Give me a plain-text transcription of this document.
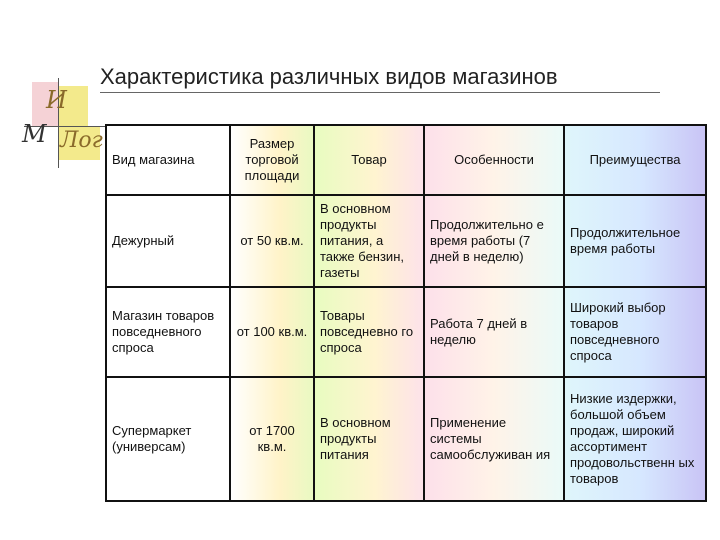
И
М Лог
Характеристика различных видов магазинов
Вид магазина	Размер торговой площади	Товар	Особенности	Преимущества
Дежурный	от 50 кв.м.	В основном продукты питания, а также бензин, газеты	Продолжительно е время работы (7 дней в неделю)	Продолжительное время работы
Магазин товаров повседневного спроса	от 100 кв.м.	Товары повседневно го спроса	Работа 7 дней в неделю	Широкий выбор товаров повседневного спроса
Супермаркет (универсам)	от 1700 кв.м.	В основном продукты питания	Применение системы самообслуживан ия	Низкие издержки, большой объем продаж, широкий ассортимент продовольственн ых товаров
